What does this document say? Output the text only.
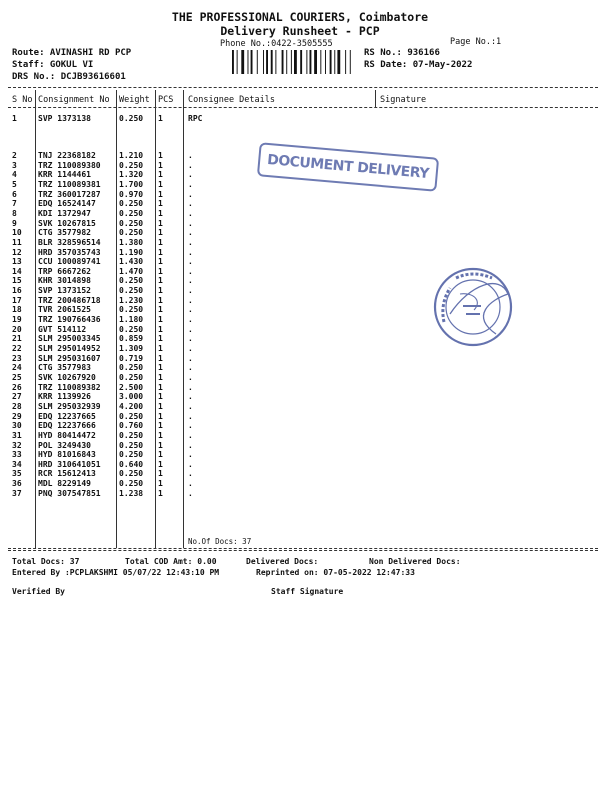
THE PROFESSIONAL COURIERS, Coimbatore
Delivery Runsheet - PCP
Phone No.:0422-3505555	Page No.:1
Route: AVINASHI RD PCP
Staff: GOKUL VI
DRS No.: DCJB93616601
RS No.: 936166
RS Date: 07-May-2022
S No Consignment No Weight PCS Consignee Details	Signature
1	SVP 1373138	0.250 1	RPC
2	TNJ 22368182	1.210 1	.
3	TRZ 110089380 0.250 1	.
4	KRR 1144461	1.320 1	.
5	TRZ 110089381 1.700 1	.
6	TRZ 360017287 0.970 1	.
7	EDQ 16524147	0.250 1	.
8	KDI 1372947	0.250 1	.
9	SVK 10267815	0.250 1	.
10 CTG 3577982	0.250 1	.
11 BLR 328596514 1.380 1	.
12 HRD 357035743 1.190 1	.
13 CCU 100089741 1.430 1	.
14 TRP 6667262	1.470 1	.
15 KHR 3014898	0.250 1	.
16 SVP 1373152	0.250 1	.
17 TRZ 200486718 1.230 1	.
18 TVR 2061525	0.250 1	.
19 TRZ 190766436 1.180 1	.
20 GVT 514112	0.250 1	.
21 SLM 295003345 0.859 1	.
22 SLM 295014952 1.309 1	.
23 SLM 295031607 0.719 1	.
24 CTG 3577983	0.250 1	.
25 SVK 10267920	0.250 1	.
26 TRZ 110089382 2.500 1	.
27 KRR 1139926	3.000 1	.
28 SLM 295032939 4.200 1	.
29 EDQ 12237665	0.250 1	.
30 EDQ 12237666	0.760 1	.
31 HYD 80414472	0.250 1	.
32 POL 3249430	0.250 1	.
33 HYD 81016843	0.250 1	.
34 HRD 310641051 0.640 1	.
35 RCR 15612413	0.250 1	.
36 MDL 8229149	0.250 1	.
37 PNQ 307547851 1.238 1	.
No.Of Docs: 37
Total Docs: 37	Total COD Amt: 0.00	Delivered Docs:	Non Delivered Docs:
Entered By :PCPLAKSHMI 05/07/22 12:43:10 PM	Reprinted on: 07-05-2022 12:47:33
Verified By	Staff Signature
DOCUMENT DELIVERY
